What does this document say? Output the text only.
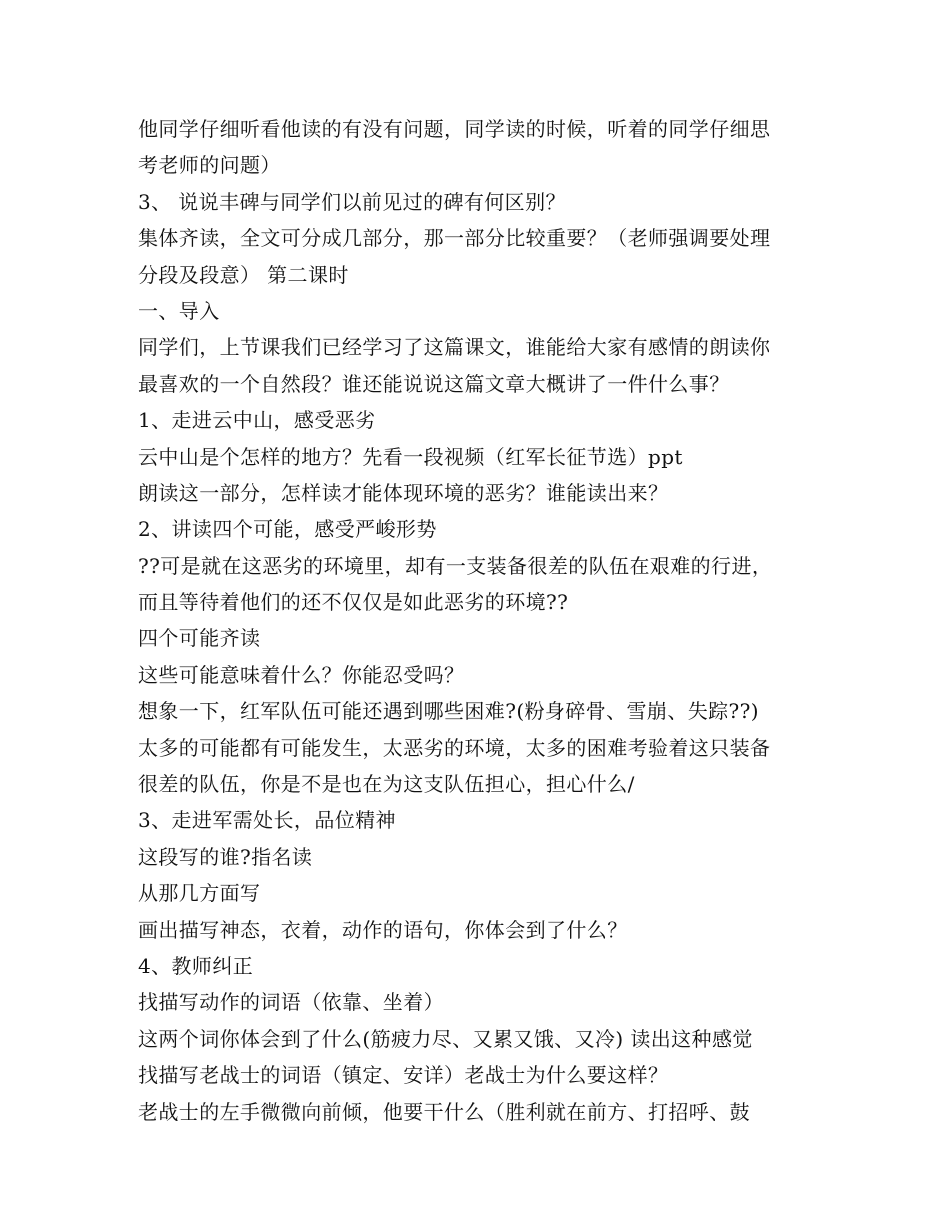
他同学仔细听看他读的有没有问题，同学读的时候，听着的同学仔细思
考老师的问题）
3、 说说丰碑与同学们以前见过的碑有何区别？
集体齐读，全文可分成几部分，那一部分比较重要？（老师强调要处理
分段及段意） 第二课时
一、导入
同学们，上节课我们已经学习了这篇课文，谁能给大家有感情的朗读你
最喜欢的一个自然段？谁还能说说这篇文章大概讲了一件什么事？
1、走进云中山，感受恶劣
云中山是个怎样的地方？先看一段视频（红军长征节选）ppt
朗读这一部分，怎样读才能体现环境的恶劣？谁能读出来？
2、讲读四个可能，感受严峻形势
??可是就在这恶劣的环境里，却有一支装备很差的队伍在艰难的行进，
而且等待着他们的还不仅仅是如此恶劣的环境??
四个可能齐读
这些可能意味着什么？你能忍受吗？
想象一下，红军队伍可能还遇到哪些困难?(粉身碎骨、雪崩、失踪??)
太多的可能都有可能发生，太恶劣的环境，太多的困难考验着这只装备
很差的队伍，你是不是也在为这支队伍担心，担心什么/
3、走进军需处长，品位精神
这段写的谁?指名读
从那几方面写
画出描写神态，衣着，动作的语句，你体会到了什么？
4、教师纠正
找描写动作的词语（依靠、坐着）
这两个词你体会到了什么(筋疲力尽、又累又饿、又冷) 读出这种感觉
找描写老战士的词语（镇定、安详）老战士为什么要这样？
老战士的左手微微向前倾，他要干什么（胜利就在前方、打招呼、鼓
